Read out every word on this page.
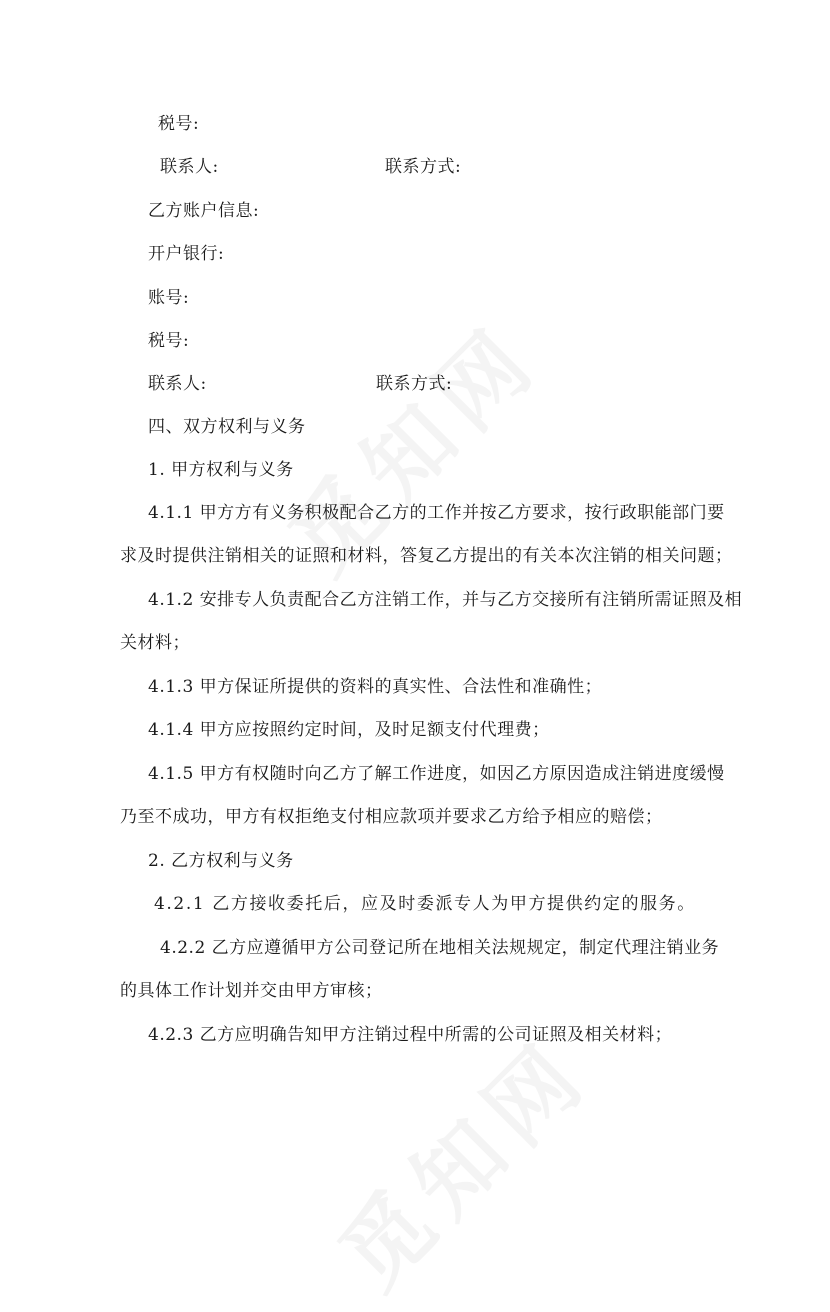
税号:
联系人:	联系方式:
乙方账户信息:
开户银行:
账号:
税号:
联系人:	联系方式:
四、双方权利与义务
1. 甲方权利与义务
4.1.1 甲方方有义务积极配合乙方的工作并按乙方要求，按行政职能部门要
求及时提供注销相关的证照和材料，答复乙方提出的有关本次注销的相关问题；
4.1.2 安排专人负责配合乙方注销工作，并与乙方交接所有注销所需证照及相
关材料；
4.1.3 甲方保证所提供的资料的真实性、合法性和准确性；
4.1.4 甲方应按照约定时间，及时足额支付代理费；
4.1.5 甲方有权随时向乙方了解工作进度，如因乙方原因造成注销进度缓慢
乃至不成功，甲方有权拒绝支付相应款项并要求乙方给予相应的赔偿；
2. 乙方权利与义务
4.2.1 乙方接收委托后，应及时委派专人为甲方提供约定的服务。
4.2.2 乙方应遵循甲方公司登记所在地相关法规规定，制定代理注销业务
的具体工作计划并交由甲方审核；
4.2.3 乙方应明确告知甲方注销过程中所需的公司证照及相关材料；
